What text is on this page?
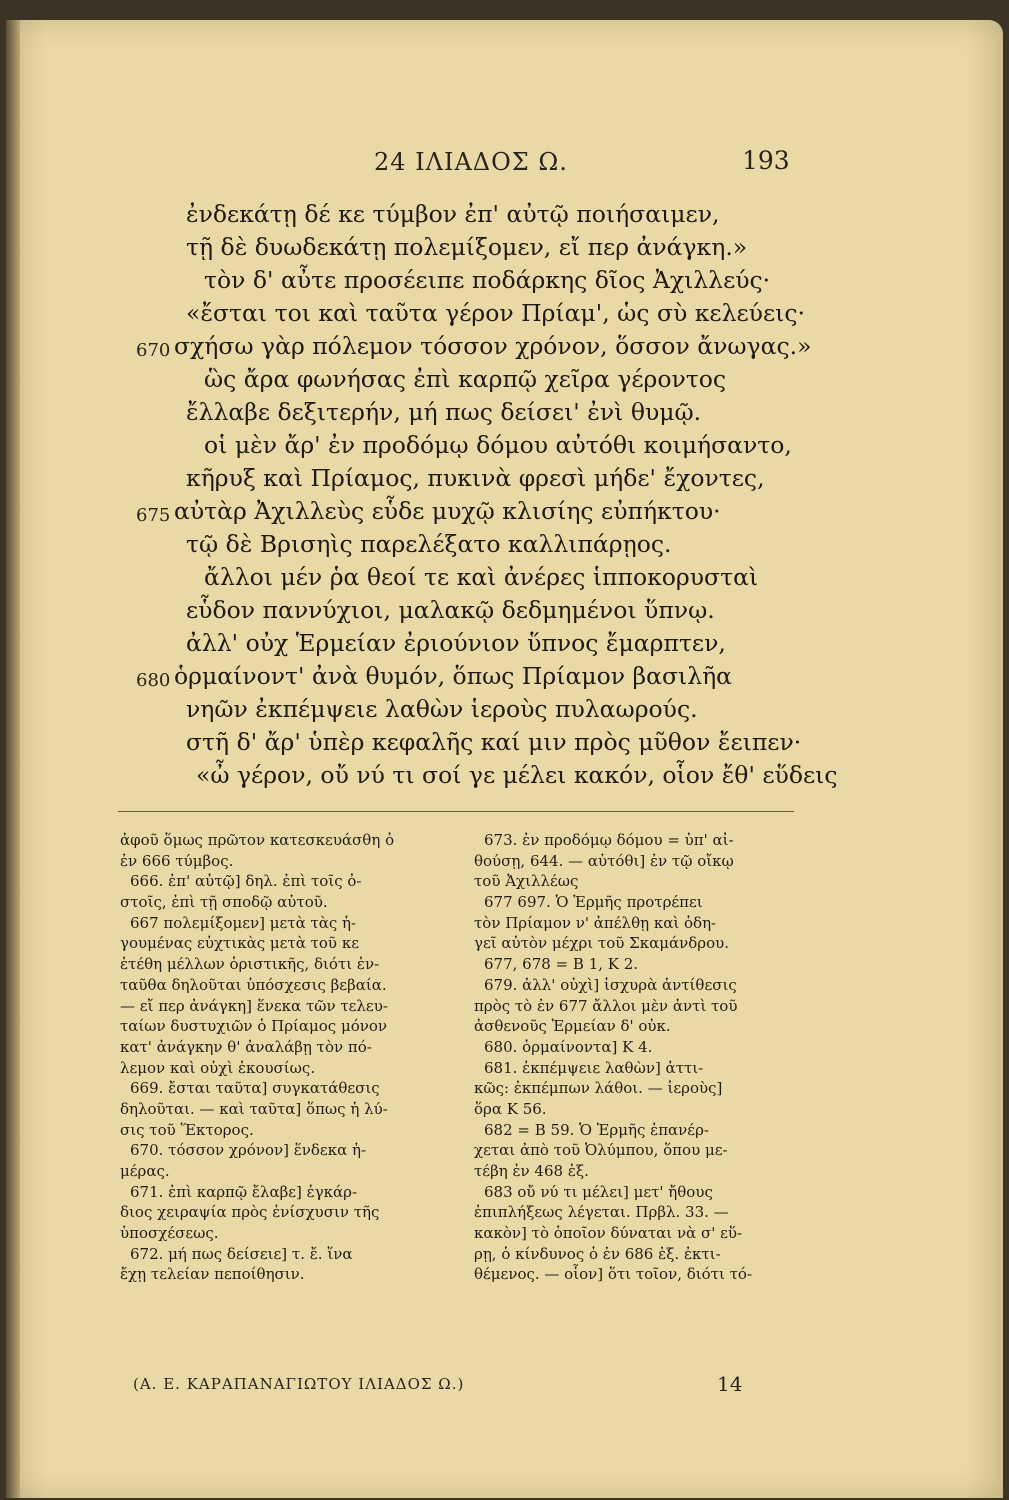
24 ΙΛΙΑΔΟΣ Ω.	193
ἐνδεκάτῃ δέ κε τύμβον ἐπ' αὐτῷ ποιήσαιμεν,
τῇ δὲ δυωδεκάτῃ πολεμίξομεν, εἴ περ ἀνάγκη.»
τὸν δ' αὖτε προσέειπε ποδάρκης δῖος Ἀχιλλεύς·
«ἔσται τοι καὶ ταῦτα γέρον Πρίαμ', ὡς σὺ κελεύεις·
670 σχήσω γὰρ πόλεμον τόσσον χρόνον, ὅσσον ἄνωγας.»
ὣς ἄρα φωνήσας ἐπὶ καρπῷ χεῖρα γέροντος
ἔλλαβε δεξιτερήν, μή πως δείσει' ἐνὶ θυμῷ.
οἱ μὲν ἄρ' ἐν προδόμῳ δόμου αὐτόθι κοιμήσαντο,
κῆρυξ καὶ Πρίαμος, πυκινὰ φρεσὶ μήδε' ἔχοντες,
675 αὐτὰρ Ἀχιλλεὺς εὗδε μυχῷ κλισίης εὐπήκτου·
τῷ δὲ Βρισηὶς παρελέξατο καλλιπάρῃος.
ἄλλοι μέν ῥα θεοί τε καὶ ἀνέρες ἱπποκορυσταὶ
εὗδον παννύχιοι, μαλακῷ δεδμημένοι ὕπνῳ.
ἀλλ' οὐχ Ἑρμείαν ἐριούνιον ὕπνος ἔμαρπτεν,
680 ὁρμαίνοντ' ἀνὰ θυμόν, ὅπως Πρίαμον βασιλῆα
νηῶν ἐκπέμψειε λαθὼν ἱεροὺς πυλαωρούς.
στῆ δ' ἄρ' ὑπὲρ κεφαλῆς καί μιν πρὸς μῦθον ἔειπεν·
«ὦ γέρον, οὔ νύ τι σοί γε μέλει κακόν, οἷον ἔθ' εὕδεις
ἀφοῦ ὅμως πρῶτον κατεσκευάσθη ὁ
ἐν 666 τύμβος.
666. ἐπ' αὐτῷ] δηλ. ἐπὶ τοῖς ὀ-
στοῖς, ἐπὶ τῇ σποδῷ αὐτοῦ.
667 πολεμίξομεν] μετὰ τὰς ἡ-
γουμένας εὐχτικὰς μετὰ τοῦ κε
ἐτέθη μέλλων ὁριστικῆς, διότι ἐν-
ταῦθα δηλοῦται ὑπόσχεσις βεβαία.
— εἴ περ ἀνάγκη] ἕνεκα τῶν τελευ-
ταίων δυστυχιῶν ὁ Πρίαμος μόνον
κατ' ἀνάγκην θ' ἀναλάβῃ τὸν πό-
λεμον καὶ οὐχὶ ἑκουσίως.
669. ἔσται ταῦτα] συγκατάθεσις
δηλοῦται. — καὶ ταῦτα] ὅπως ἡ λύ-
σις τοῦ Ἕκτορος.
670. τόσσον χρόνον] ἕνδεκα ἡ-
μέρας.
671. ἐπὶ καρπῷ ἔλαβε] ἐγκάρ-
διος χειραψία πρὸς ἐνίσχυσιν τῆς
ὑποσχέσεως.
672. μή πως δείσειε] τ. ἔ. ἵνα
ἔχῃ τελείαν πεποίθησιν.
673. ἐν προδόμῳ δόμου = ὑπ' αἰ-
θούσῃ, 644. — αὐτόθι] ἐν τῷ οἴκῳ
τοῦ Ἀχιλλέως
677 697. Ὁ Ἑρμῆς προτρέπει
τὸν Πρίαμον ν' ἀπέλθῃ καὶ ὁδη-
γεῖ αὐτὸν μέχρι τοῦ Σκαμάνδρου.
677, 678 = Β 1, Κ 2.
679. ἀλλ' οὐχὶ] ἰσχυρὰ ἀντίθεσις
πρὸς τὸ ἐν 677 ἄλλοι μὲν ἀντὶ τοῦ
ἀσθενοῦς Ἑρμείαν δ' οὐκ.
680. ὁρμαίνοντα] Κ 4.
681. ἐκπέμψειε λαθὼν] ἀττι-
κῶς: ἐκπέμπων λάθοι. — ἱεροὺς]
ὅρα Κ 56.
682 = Β 59. Ὁ Ἑρμῆς ἐπανέρ-
χεται ἀπὸ τοῦ Ὀλύμπου, ὅπου με-
τέβη ἐν 468 ἑξ.
683 οὔ νύ τι μέλει] μετ' ἤθους
ἐπιπλήξεως λέγεται. Πρβλ. 33. —
κακὸν] τὸ ὁποῖον δύναται νὰ σ' εὕ-
ρῃ, ὁ κίνδυνος ὁ ἐν 686 ἑξ. ἐκτι-
θέμενος. — οἷον] ὅτι τοῖον, διότι τό-
(Α. Ε. ΚΑΡΑΠΑΝΑΓΙΩΤΟΥ ΙΛΙΑΔΟΣ Ω.)	14
